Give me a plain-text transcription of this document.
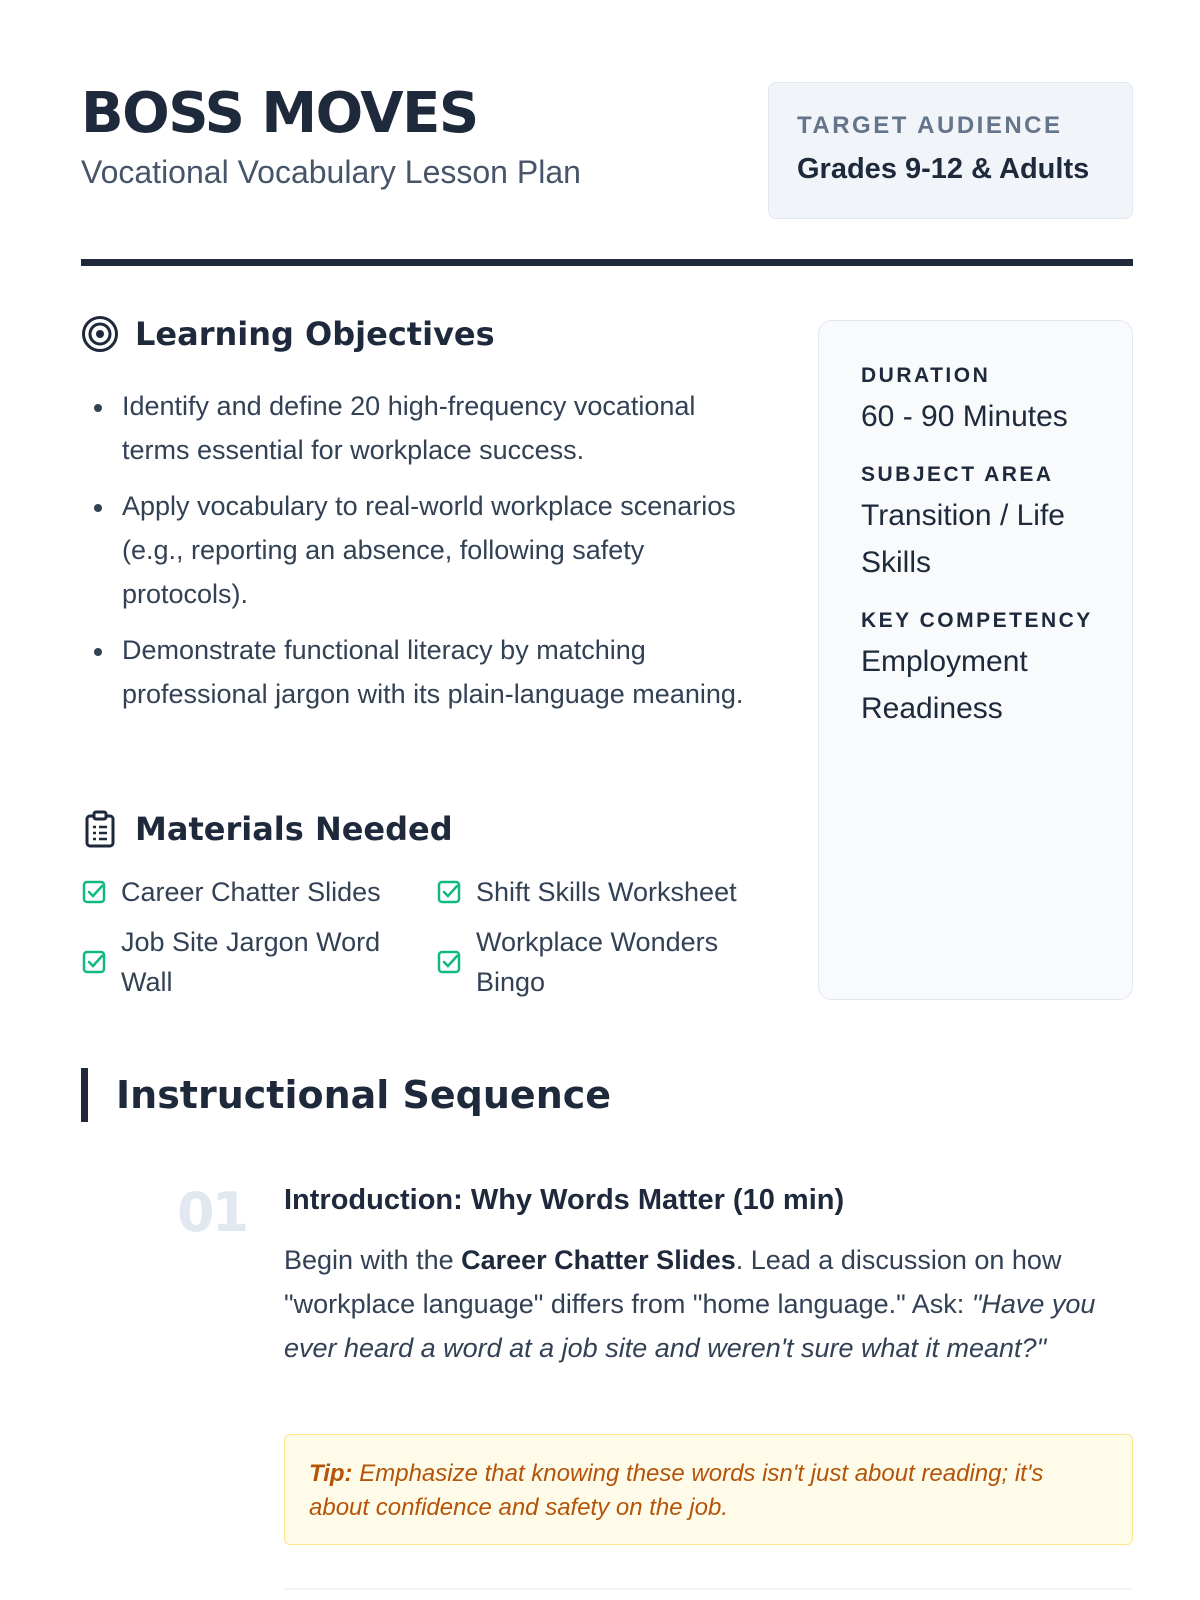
BOSS MOVES
Vocational Vocabulary Lesson Plan
TARGET AUDIENCE
Grades 9-12 & Adults
Learning Objectives
Identify and define 20 high-frequency vocational terms essential for workplace success.
Apply vocabulary to real-world workplace scenarios (e.g., reporting an absence, following safety protocols).
Demonstrate functional literacy by matching professional jargon with its plain-language meaning.
Materials Needed
Career Chatter Slides	Shift Skills Worksheet
Job Site Jargon Word Wall
Workplace Wonders Bingo
DURATION
60 - 90 Minutes
SUBJECT AREA
Transition / Life Skills
KEY COMPETENCY
Employment Readiness
Instructional Sequence
01 Introduction: Why Words Matter (10 min)
Begin with the Career Chatter Slides. Lead a discussion on how "workplace language" differs from "home language." Ask: "Have you ever heard a word at a job site and weren't sure what it meant?"
Tip: Emphasize that knowing these words isn't just about reading; it's about confidence and safety on the job.
